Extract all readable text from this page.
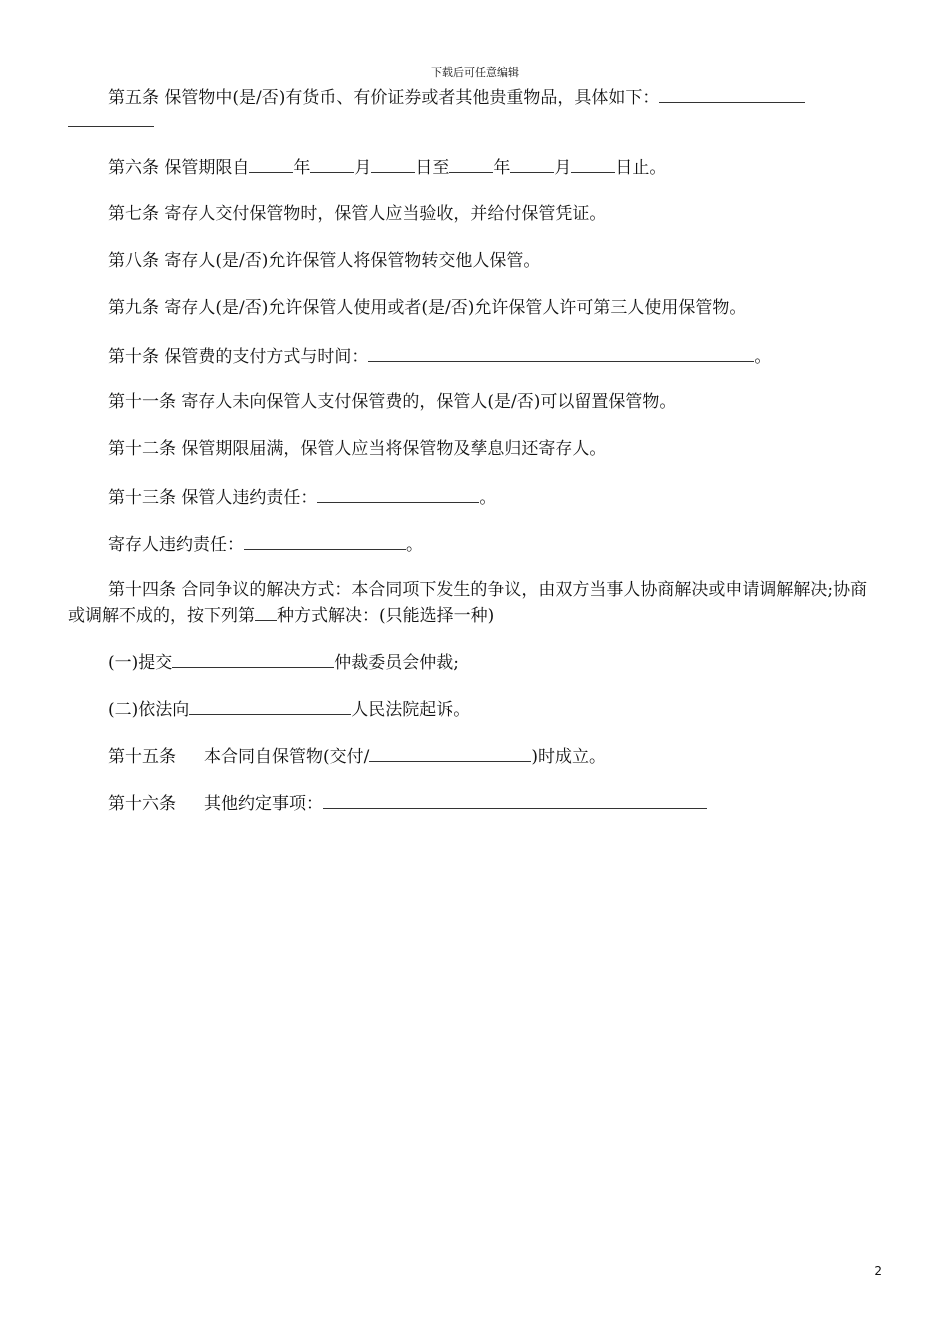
下载后可任意编辑
第五条 保管物中(是/否)有货币、有价证券或者其他贵重物品，具体如下：
第六条 保管期限自	年	月	日至	年	月	日止。
第七条 寄存人交付保管物时，保管人应当验收，并给付保管凭证。
第八条 寄存人(是/否)允许保管人将保管物转交他人保管。
第九条 寄存人(是/否)允许保管人使用或者(是/否)允许保管人许可第三人使用保管物。
第十条 保管费的支付方式与时间：	。
第十一条 寄存人未向保管人支付保管费的，保管人(是/否)可以留置保管物。
第十二条 保管期限届满，保管人应当将保管物及孳息归还寄存人。
第十三条 保管人违约责任：	。
寄存人违约责任：	。
第十四条 合同争议的解决方式：本合同项下发生的争议，由双方当事人协商解决或申请调解解决;协商或调解不成的，按下列第 种方式解决：(只能选择一种)
(一)提交	仲裁委员会仲裁;
(二)依法向	人民法院起诉。
第十五条 本合同自保管物(交付/	)时成立。
第十六条 其他约定事项：
2
